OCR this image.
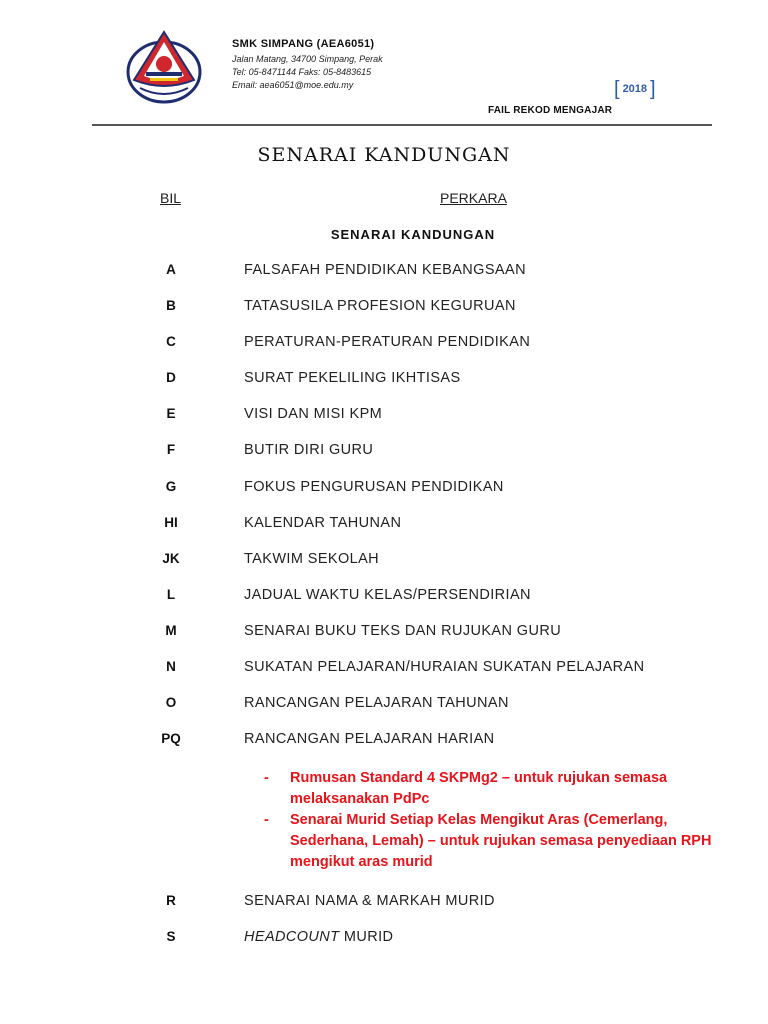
SMK SIMPANG (AEA6051)
Jalan Matang, 34700 Simpang, Perak
Tel: 05-8471144 Faks: 05-8483615
Email: aea6051@moe.edu.my	[ 2018 ]
FAIL REKOD MENGAJAR
SENARAI KANDUNGAN
BIL	PERKARA
SENARAI KANDUNGAN
A	FALSAFAH PENDIDIKAN KEBANGSAAN
B	TATASUSILA PROFESION KEGURUAN
C	PERATURAN-PERATURAN PENDIDIKAN
D	SURAT PEKELILING IKHTISAS
E	VISI DAN MISI KPM
F	BUTIR DIRI GURU
G	FOKUS PENGURUSAN PENDIDIKAN
HI	KALENDAR TAHUNAN
JK	TAKWIM SEKOLAH
L	JADUAL WAKTU KELAS/PERSENDIRIAN
M	SENARAI BUKU TEKS DAN RUJUKAN GURU
N	SUKATAN PELAJARAN/HURAIAN SUKATAN PELAJARAN
O	RANCANGAN PELAJARAN TAHUNAN
PQ	RANCANGAN PELAJARAN HARIAN
- Rumusan Standard 4 SKPMg2 – untuk rujukan semasa melaksanakan PdPc
- Senarai Murid Setiap Kelas Mengikut Aras (Cemerlang, Sederhana, Lemah) – untuk rujukan semasa penyediaan RPH mengikut aras murid
R	SENARAI NAMA & MARKAH MURID
S	HEADCOUNT MURID
